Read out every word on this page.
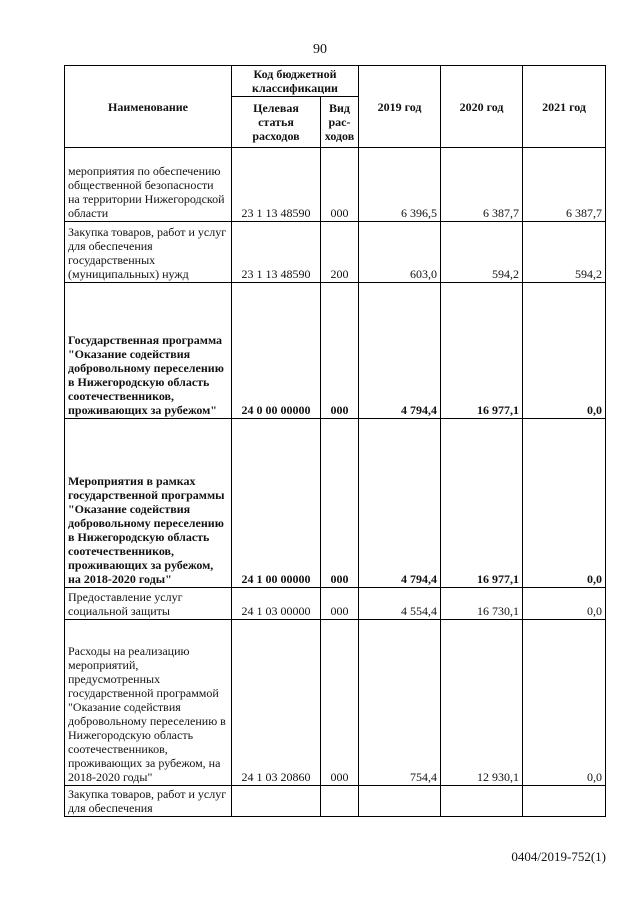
90
Наименование	Код бюджетной классификации		2019 год	2020 год	2021 год
	Целевая статья расходов	Вид рас- ходов			
мероприятия по обеспечению общественной безопасности на территории Нижегородской области	23 1 13 48590	000	6 396,5	6 387,7	6 387,7
Закупка товаров, работ и услуг для обеспечения государственных (муниципальных) нужд	23 1 13 48590	200	603,0	594,2	594,2
Государственная программа "Оказание содействия добровольному переселению в Нижегородскую область соотечественников, проживающих за рубежом"	24 0 00 00000	000	4 794,4	16 977,1	0,0
Мероприятия в рамках государственной программы "Оказание содействия добровольному переселению в Нижегородскую область соотечественников, проживающих за рубежом, на 2018-2020 годы"	24 1 00 00000	000	4 794,4	16 977,1	0,0
Предоставление услуг социальной защиты	24 1 03 00000	000	4 554,4	16 730,1	0,0
Расходы на реализацию мероприятий, предусмотренных государственной программой "Оказание содействия добровольному переселению в Нижегородскую область соотечественников, проживающих за рубежом, на 2018-2020 годы"	24 1 03 20860	000	754,4	12 930,1	0,0
Закупка товаров, работ и услуг для обеспечения					
0404/2019-752(1)
